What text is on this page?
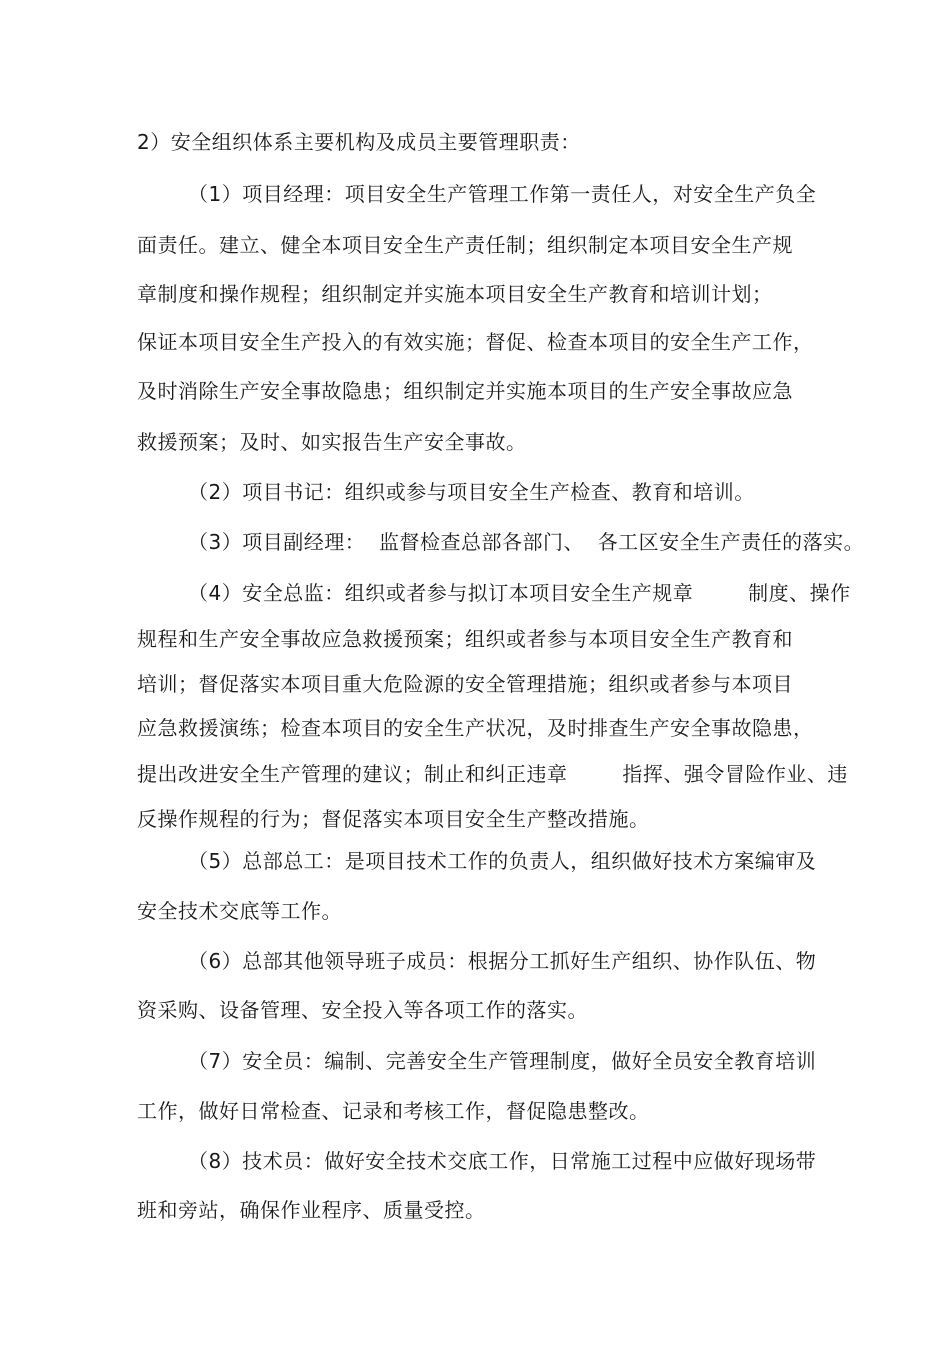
2）安全组织体系主要机构及成员主要管理职责：
（1）项目经理：项目安全生产管理工作第一责任人，对安全生产负全
面责任。建立、健全本项目安全生产责任制；组织制定本项目安全生产规
章制度和操作规程；组织制定并实施本项目安全生产教育和培训计划；
保证本项目安全生产投入的有效实施；督促、检查本项目的安全生产工作，
及时消除生产安全事故隐患；组织制定并实施本项目的生产安全事故应急
救援预案；及时、如实报告生产安全事故。
（2）项目书记：组织或参与项目安全生产检查、教育和培训。
（3）项目副经理：  监督检查总部各部门、  各工区安全生产责任的落实。
（4）安全总监：组织或者参与拟订本项目安全生产规章        制度、操作
规程和生产安全事故应急救援预案；组织或者参与本项目安全生产教育和
培训；督促落实本项目重大危险源的安全管理措施；组织或者参与本项目
应急救援演练；检查本项目的安全生产状况，及时排查生产安全事故隐患，
提出改进安全生产管理的建议；制止和纠正违章        指挥、强令冒险作业、违
反操作规程的行为；督促落实本项目安全生产整改措施。
（5）总部总工：是项目技术工作的负责人，组织做好技术方案编审及
安全技术交底等工作。
（6）总部其他领导班子成员：根据分工抓好生产组织、协作队伍、物
资采购、设备管理、安全投入等各项工作的落实。
（7）安全员：编制、完善安全生产管理制度，做好全员安全教育培训
工作，做好日常检查、记录和考核工作，督促隐患整改。
（8）技术员：做好安全技术交底工作，日常施工过程中应做好现场带
班和旁站，确保作业程序、质量受控。
